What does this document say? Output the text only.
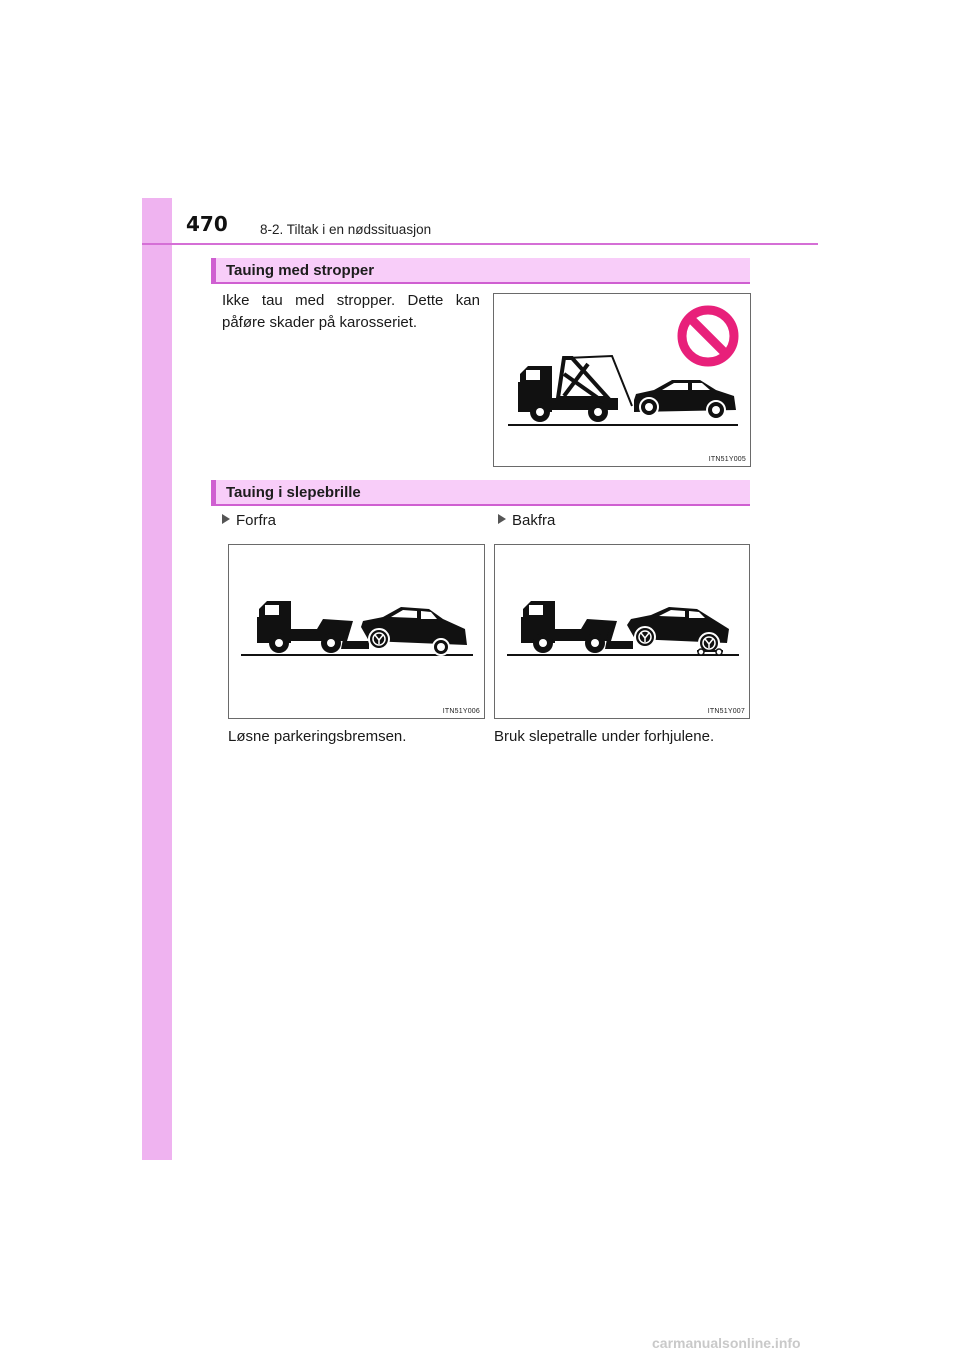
470 8-2. Tiltak i en nødssituasjon
Tauing med stropper
Ikke tau med stropper. Dette kan påføre skader på karosseriet.
ITN51Y005
Tauing i slepebrille
Forfra	Bakfra
ITN51Y006	ITN51Y007
Løsne parkeringsbremsen.	Bruk slepetralle under forhjulene.
carmanualsonline.info
